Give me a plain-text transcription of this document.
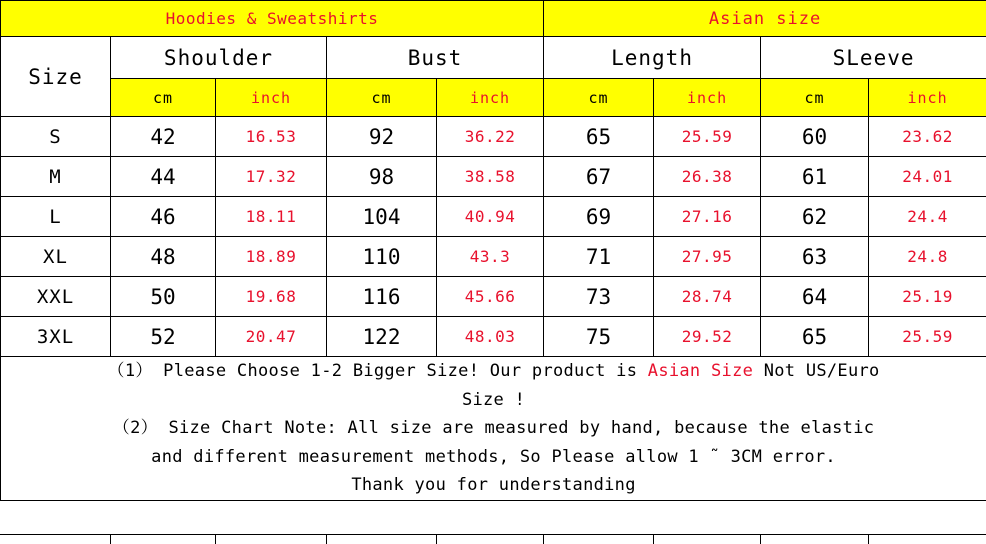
Hoodies & Sweatshirts					Asian size			
Size	Shoulder		Bust		Length		SLeeve	
	cm	inch	cm	inch	cm	inch	cm	inch
S	42	16.53	92	36.22	65	25.59	60	23.62
M	44	17.32	98	38.58	67	26.38	61	24.01
L	46	18.11	104	40.94	69	27.16	62	24.4
XL	48	18.89	110	43.3	71	27.95	63	24.8
XXL	50	19.68	116	45.66	73	28.74	64	25.19
3XL	52	20.47	122	48.03	75	29.52	65	25.59

（1） Please Choose 1-2 Bigger Size! Our product is Asian Size Not US/Euro
Size !
（2） Size Chart Note: All size are measured by hand, because the elastic
and different measurement methods, So Please allow 1 ˜ 3CM error.
Thank you for understanding								
